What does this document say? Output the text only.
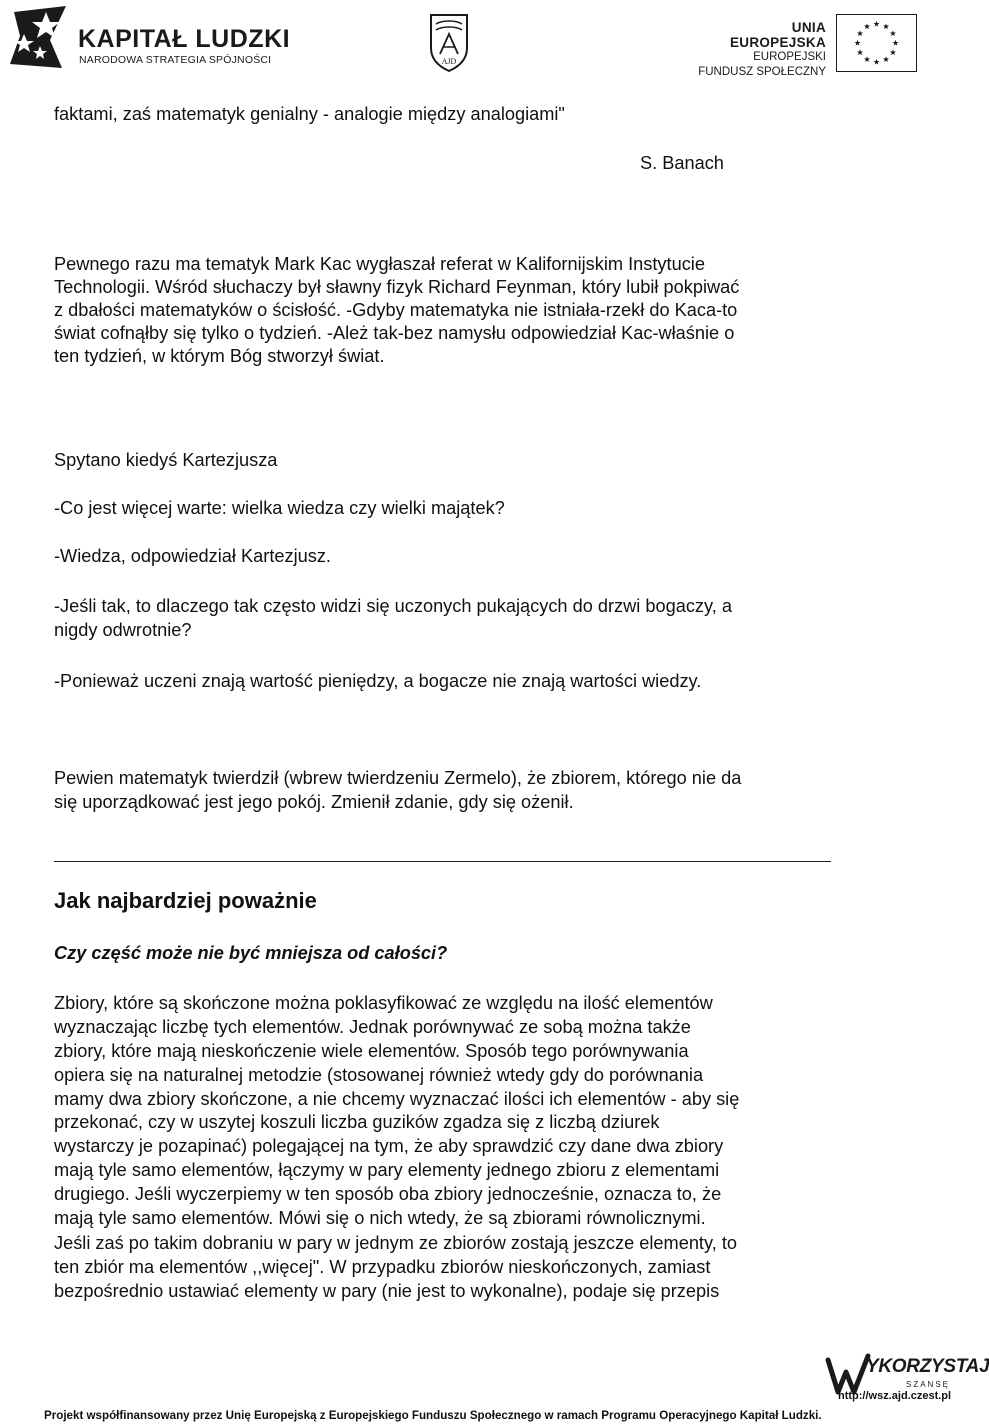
KAPITAŁ LUDZKI
NARODOWA STRATEGIA SPÓJNOŚCI	AJD
UNIA EUROPEJSKA
EUROPEJSKI
FUNDUSZ SPOŁECZNY

faktami, zaś matematyk genialny - analogie między analogiami"

S. Banach

Pewnego razu ma tematyk Mark Kac wygłaszał referat w Kalifornijskim Instytucie

Technologii. Wśród słuchaczy był sławny fizyk Richard Feynman, który lubił pokpiwać

z dbałości matematyków o ścisłość. -Gdyby matematyka nie istniała-rzekł do Kaca-to

świat cofnąłby się tylko o tydzień. -Ależ tak-bez namysłu odpowiedział Kac-właśnie o

ten tydzień, w którym Bóg stworzył świat.

Spytano kiedyś Kartezjusza

-Co jest więcej warte: wielka wiedza czy wielki majątek?

-Wiedza, odpowiedział Kartezjusz.

-Jeśli tak, to dlaczego tak często widzi się uczonych pukających do drzwi bogaczy, a

nigdy odwrotnie?

-Ponieważ uczeni znają wartość pieniędzy, a bogacze nie znają wartości wiedzy.

Pewien matematyk twierdził (wbrew twierdzeniu Zermelo), że zbiorem, którego nie da

się uporządkować jest jego pokój. Zmienił zdanie, gdy się ożenił.

Jak najbardziej poważnie
Czy część może nie być mniejsza od całości?

Zbiory, które są skończone można poklasyfikować ze względu na ilość elementów

wyznaczając liczbę tych elementów. Jednak porównywać ze sobą można także

zbiory, które mają nieskończenie wiele elementów. Sposób tego porównywania

opiera się na naturalnej metodzie (stosowanej również wtedy gdy do porównania

mamy dwa zbiory skończone, a nie chcemy wyznaczać ilości ich elementów - aby się

przekonać, czy w uszytej koszuli liczba guzików zgadza się z liczbą dziurek

wystarczy je pozapinać) polegającej na tym, że aby sprawdzić czy dane dwa zbiory

mają tyle samo elementów, łączymy w pary elementy jednego zbioru z elementami

drugiego. Jeśli wyczerpiemy w ten sposób oba zbiory jednocześnie, oznacza to, że

mają tyle samo elementów. Mówi się o nich wtedy, że są zbiorami równolicznymi.

Jeśli zaś po takim dobraniu w pary w jednym ze zbiorów zostają jeszcze elementy, to

ten zbiór ma elementów ,,więcej". W przypadku zbiorów nieskończonych, zamiast

bezpośrednio ustawiać elementy w pary (nie jest to wykonalne), podaje się przepis

YKORZYSTAJ
SZANSĘ
http://wsz.ajd.czest.pl
Projekt współfinansowany przez Unię Europejską z Europejskiego Funduszu Społecznego w ramach Programu Operacyjnego Kapitał Ludzki.
